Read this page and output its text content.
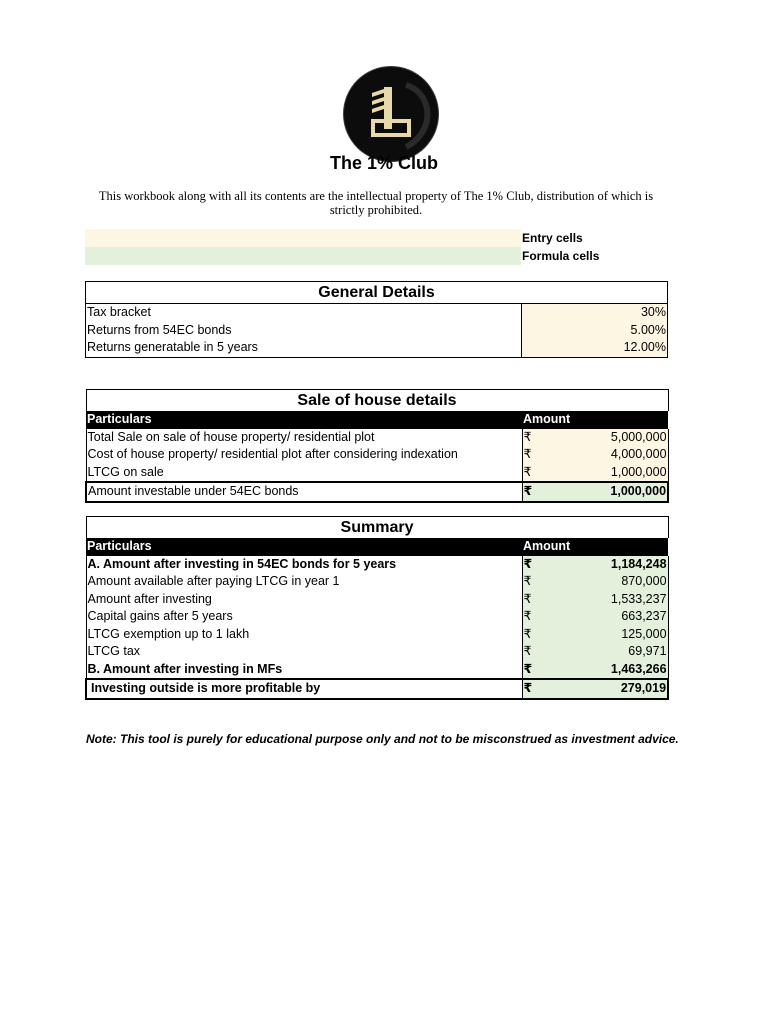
The 1% Club
This workbook along with all its contents are the intellectual property of The 1% Club, distribution of which is strictly prohibited.
Entry cells
Formula cells
General Details	
Tax bracket	30%
Returns from 54EC bonds	5.00%
Returns generatable in 5 years	12.00%
Sale of house details		
Particulars	Amount	
Total Sale on sale of house property/ residential plot	₹	5,000,000
Cost of house property/ residential plot after considering indexation	₹	4,000,000
LTCG on sale	₹	1,000,000
Amount investable under 54EC bonds	₹	1,000,000
Summary		
Particulars	Amount	
A. Amount after investing in 54EC bonds for 5 years	₹	1,184,248
Amount available after paying LTCG in year 1	₹	870,000
Amount after investing	₹	1,533,237
Capital gains after 5 years	₹	663,237
LTCG exemption up to 1 lakh	₹	125,000
LTCG tax	₹	69,971
B. Amount after investing in MFs	₹	1,463,266
Investing outside is more profitable by	₹	279,019
Note: This tool is purely for educational purpose only and not to be misconstrued as investment advice.
